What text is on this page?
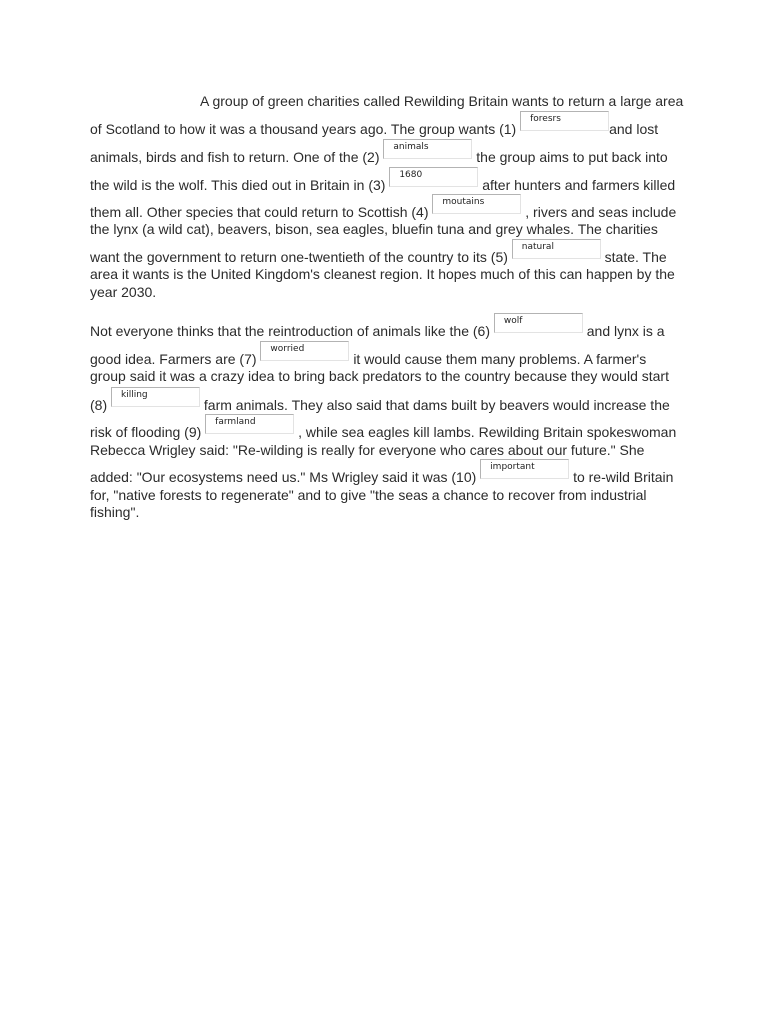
A group of green charities called Rewilding Britain wants to return a large area
of Scotland to how it was a thousand years ago. The group wants (1)
foresrs
and lost
animals, birds and fish to return. One of the (2)
animals
the group aims to put back into
the wild is the wolf. This died out in Britain in (3)
1680
after hunters and farmers killed
them all. Other species that could return to Scottish (4)
moutains
, rivers and seas include
the lynx (a wild cat), beavers, bison, sea eagles, bluefin tuna and grey whales. The charities
want the government to return one-twentieth of the country to its (5)
natural
state. The
area it wants is the United Kingdom's cleanest region. It hopes much of this can happen by the
year 2030.
Not everyone thinks that the reintroduction of animals like the (6)
wolf
and lynx is a
good idea. Farmers are (7)
worried
it would cause them many problems. A farmer's
group said it was a crazy idea to bring back predators to the country because they would start
(8)
killing
farm animals. They also said that dams built by beavers would increase the
risk of flooding (9)
farmland
, while sea eagles kill lambs. Rewilding Britain spokeswoman
Rebecca Wrigley said: "Re-wilding is really for everyone who cares about our future." She
added: "Our ecosystems need us." Ms Wrigley said it was (10)
important
to re-wild Britain
for, "native forests to regenerate" and to give "the seas a chance to recover from industrial
fishing".
